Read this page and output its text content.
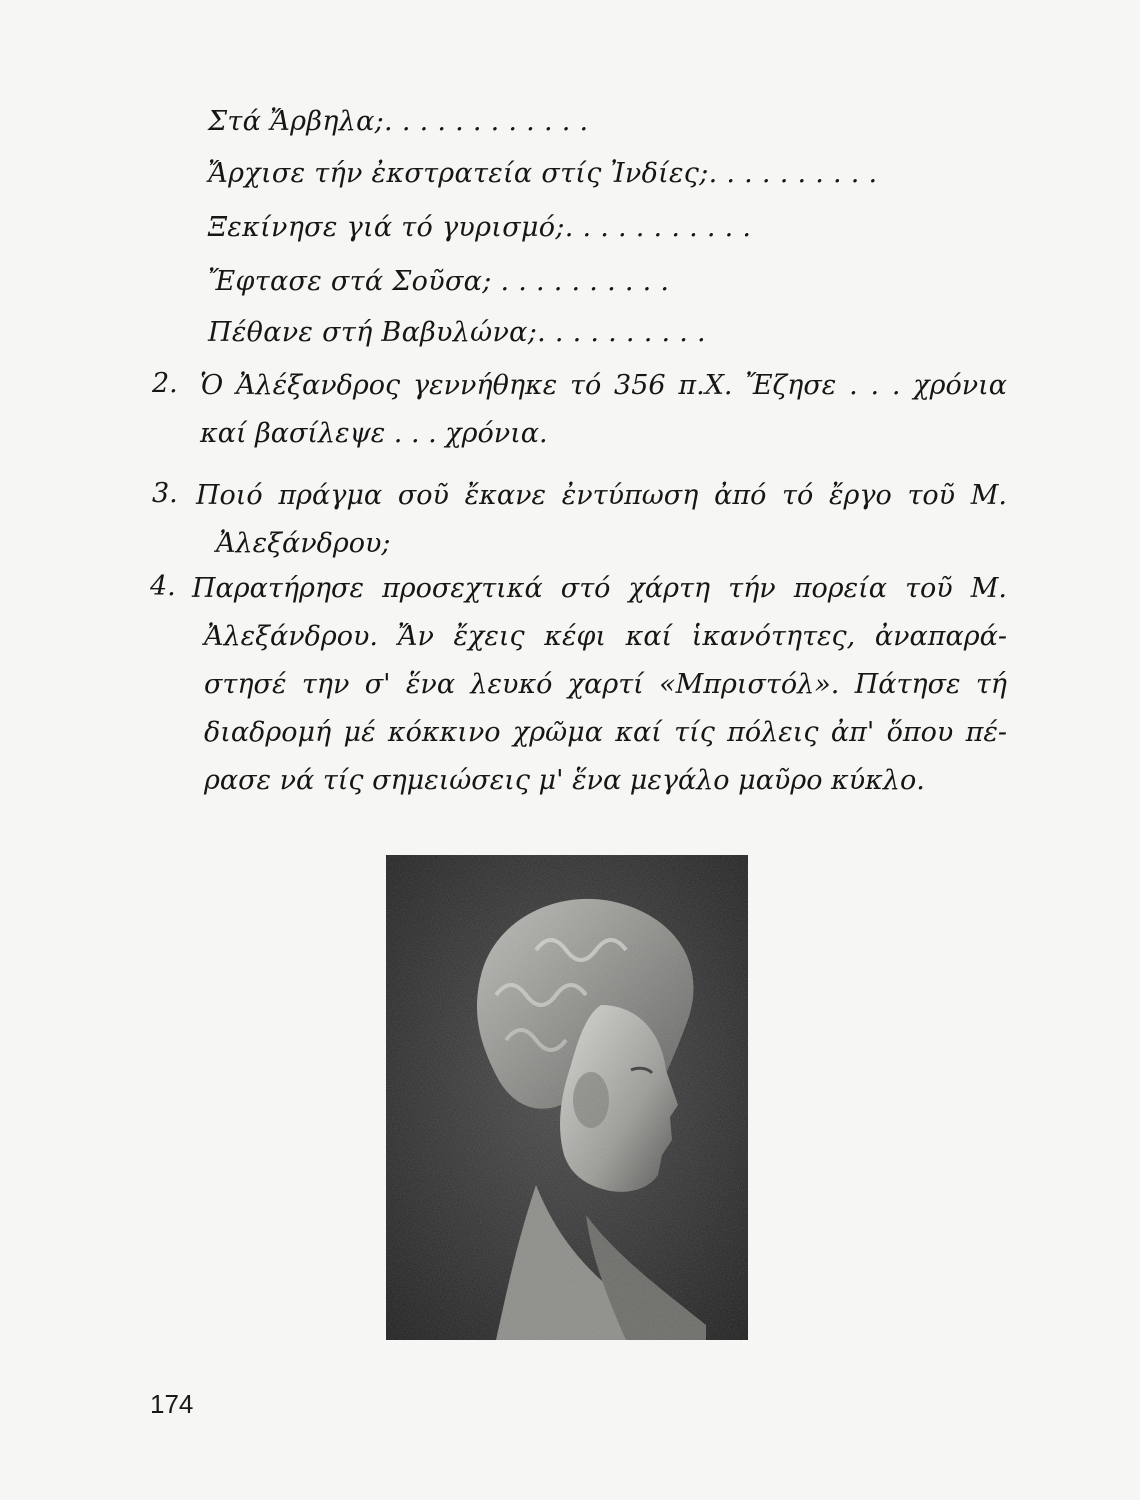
Στά Ἄρβηλα;. . . . . . . . . . . .
Ἄρχισε τήν ἐκστρατεία στίς Ἰνδίες;. . . . . . . . . .
Ξεκίνησε γιά τό γυρισμό;. . . . . . . . . . .
Ἔφτασε στά Σοῦσα; . . . . . . . . . .
Πέθανε στή Βαβυλώνα;. . . . . . . . . .
2. Ὁ Ἀλέξανδρος γεννήθηκε τό 356 π.Χ. Ἔζησε . . . χρόνια
καί βασίλεψε . . . χρόνια.
3. Ποιό πράγμα σοῦ ἔκανε ἐντύπωση ἀπό τό ἔργο τοῦ Μ.
Ἀλεξάνδρου;
4. Παρατήρησε προσεχτικά στό χάρτη τήν πορεία τοῦ Μ.
Ἀλεξάνδρου. Ἄν ἔχεις κέφι καί ἱκανότητες, ἀναπαρά-
στησέ την σ' ἕνα λευκό χαρτί «Μπριστόλ». Πάτησε τή
διαδρομή μέ κόκκινο χρῶμα καί τίς πόλεις ἀπ' ὅπου πέ-
ρασε νά τίς σημειώσεις μ' ἕνα μεγάλο μαῦρο κύκλο.
174
